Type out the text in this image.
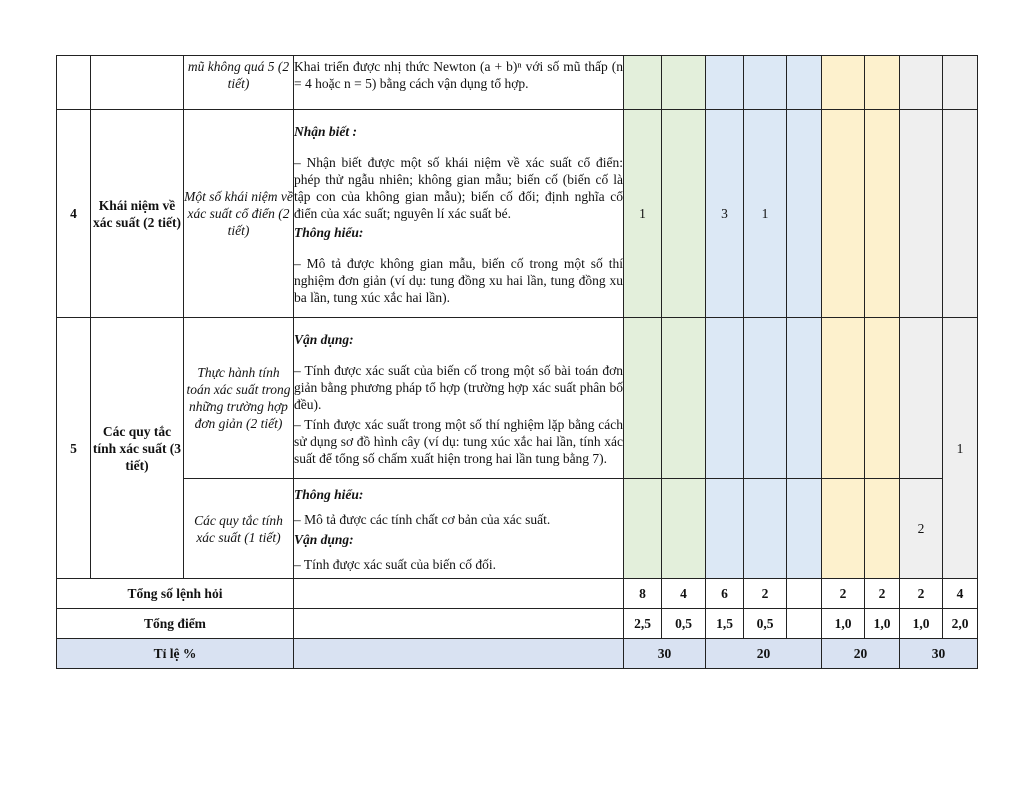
		mũ không quá 5 (2 tiết)	Khai triển được nhị thức Newton (a + b)ⁿ với số mũ thấp (n = 4 hoặc n = 5) bằng cách vận dụng tổ hợp.									
4	Khái niệm về xác suất (2 tiết)	Một số khái niệm về xác suất cổ điển (2 tiết)	Nhận biết :

– Nhận biết được một số khái niệm về xác suất cổ điển: phép thử ngẫu nhiên; không gian mẫu; biến cố (biến cố là tập con của không gian mẫu); biến cố đối; định nghĩa cổ điển của xác suất; nguyên lí xác suất bé.

Thông hiểu:

– Mô tả được không gian mẫu, biến cố trong một số thí nghiệm đơn giản (ví dụ: tung đồng xu hai lần, tung đồng xu ba lần, tung xúc xắc hai lần).	1		3	1					
5	Các quy tắc tính xác suất (3 tiết)	Thực hành tính toán xác suất trong những trường hợp đơn giản (2 tiết)	Vận dụng:

– Tính được xác suất của biến cố trong một số bài toán đơn giản bằng phương pháp tổ hợp (trường hợp xác suất phân bố đều).

– Tính được xác suất trong một số thí nghiệm lặp bằng cách sử dụng sơ đồ hình cây (ví dụ: tung xúc xắc hai lần, tính xác suất để tổng số chấm xuất hiện trong hai lần tung bằng 7).									1
		Các quy tắc tính xác suất (1 tiết)	Thông hiểu:

– Mô tả được các tính chất cơ bản của xác suất.

Vận dụng:

– Tính được xác suất của biến cố đối.								2	
Tổng số lệnh hỏi				8	4	6	2		2	2	2	4
Tổng điểm				2,5	0,5	1,5	0,5		1,0	1,0	1,0	2,0
Tỉ lệ %				30		20			20		30	
